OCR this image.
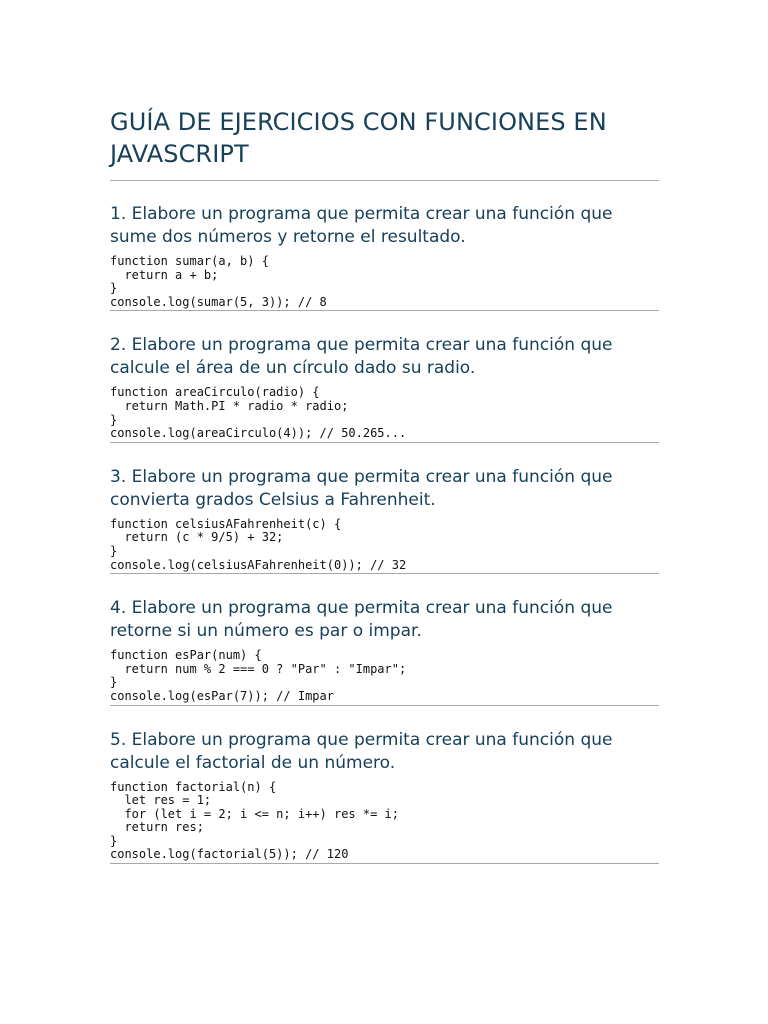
GUÍA DE EJERCICIOS CON FUNCIONES EN JAVASCRIPT
1. Elabore un programa que permita crear una función que sume dos números y retorne el resultado.
function sumar(a, b) {
return a + b;
}
console.log(sumar(5, 3)); // 8
2. Elabore un programa que permita crear una función que calcule el área de un círculo dado su radio.
function areaCirculo(radio) {
return Math.PI * radio * radio;
}
console.log(areaCirculo(4)); // 50.265...
3. Elabore un programa que permita crear una función que convierta grados Celsius a Fahrenheit.
function celsiusAFahrenheit(c) {
return (c * 9/5) + 32;
}
console.log(celsiusAFahrenheit(0)); // 32
4. Elabore un programa que permita crear una función que retorne si un número es par o impar.
function esPar(num) {
return num % 2 === 0 ? "Par" : "Impar";
}
console.log(esPar(7)); // Impar
5. Elabore un programa que permita crear una función que calcule el factorial de un número.
function factorial(n) {
let res = 1;
for (let i = 2; i <= n; i++) res *= i;
return res;
}
console.log(factorial(5)); // 120
